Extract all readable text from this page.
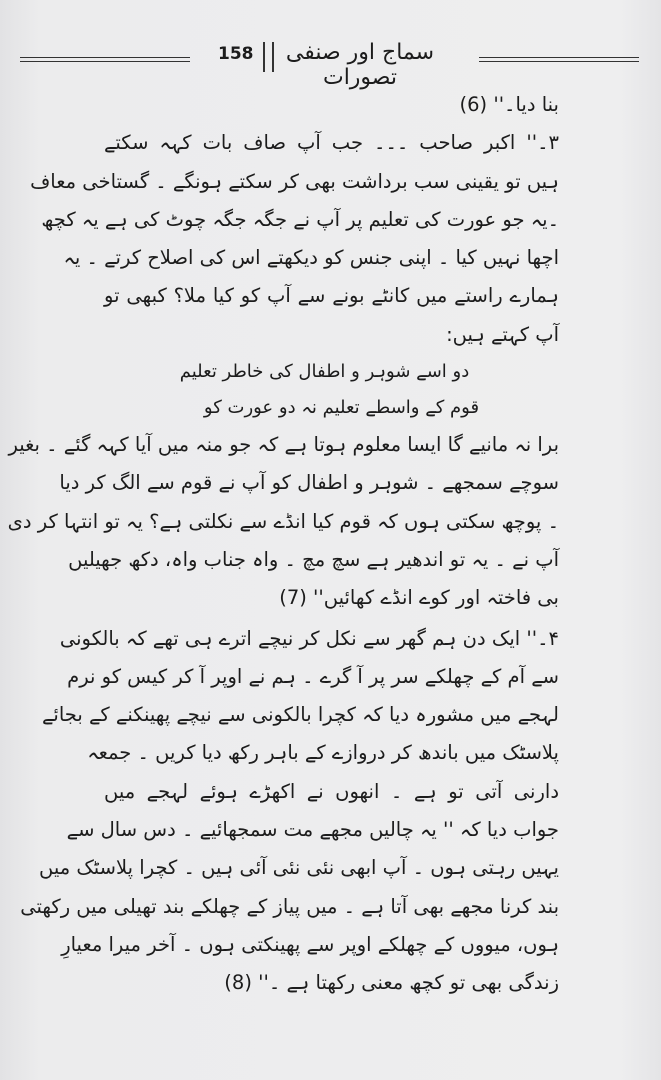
158 سماج اور صنفی تصورات
بنا دیا۔'' (6)
۳۔'' اکبر صاحب ۔۔۔ جب آپ صاف بات کہہ سکتے
ہیں تو یقینی سب برداشت بھی کر سکتے ہونگے ۔ گستاخی معاف
۔یہ جو عورت کی تعلیم پر آپ نے جگہ جگہ چوٹ کی ہے یہ کچھ
اچھا نہیں کیا ۔ اپنی جنس کو دیکھتے اس کی اصلاح کرتے ۔ یہ
ہمارے راستے میں کانٹے بونے سے آپ کو کیا ملا؟ کبھی تو
آپ کہتے ہیں:
دو اسے شوہر و اطفال کی خاطر تعلیم
قوم کے واسطے تعلیم نہ دو عورت کو
برا نہ مانیے گا ایسا معلوم ہوتا ہے کہ جو منہ میں آیا کہہ گئے ۔ بغیر
سوچے سمجھے ۔ شوہر و اطفال کو آپ نے قوم سے الگ کر دیا
۔ پوچھ سکتی ہوں کہ قوم کیا انڈے سے نکلتی ہے؟ یہ تو انتہا کر دی
آپ نے ۔ یہ تو اندھیر ہے سچ مچ ۔ واہ جناب واہ، دکھ جھیلیں
بی فاختہ اور کوے انڈے کھائیں'' (7)
۴۔'' ایک دن ہم گھر سے نکل کر نیچے اترے ہی تھے کہ بالکونی
سے آم کے چھلکے سر پر آ گرے ۔ ہم نے اوپر آ کر کیس کو نرم
لہجے میں مشورہ دیا کہ کچرا بالکونی سے نیچے پھینکنے کے بجائے
پلاسٹک میں باندھ کر دروازے کے باہر رکھ دیا کریں ۔ جمعہ
دارنی آتی تو ہے ۔ انھوں نے اکھڑے ہوئے لہجے میں
جواب دیا کہ '' یہ چالیں مجھے مت سمجھائیے ۔ دس سال سے
یہیں رہتی ہوں ۔ آپ ابھی نئی نئی آئی ہیں ۔ کچرا پلاسٹک میں
بند کرنا مجھے بھی آتا ہے ۔ میں پیاز کے چھلکے بند تھیلی میں رکھتی
ہوں، میووں کے چھلکے اوپر سے پھینکتی ہوں ۔ آخر میرا معیارِ
زندگی بھی تو کچھ معنی رکھتا ہے ۔'' (8)
